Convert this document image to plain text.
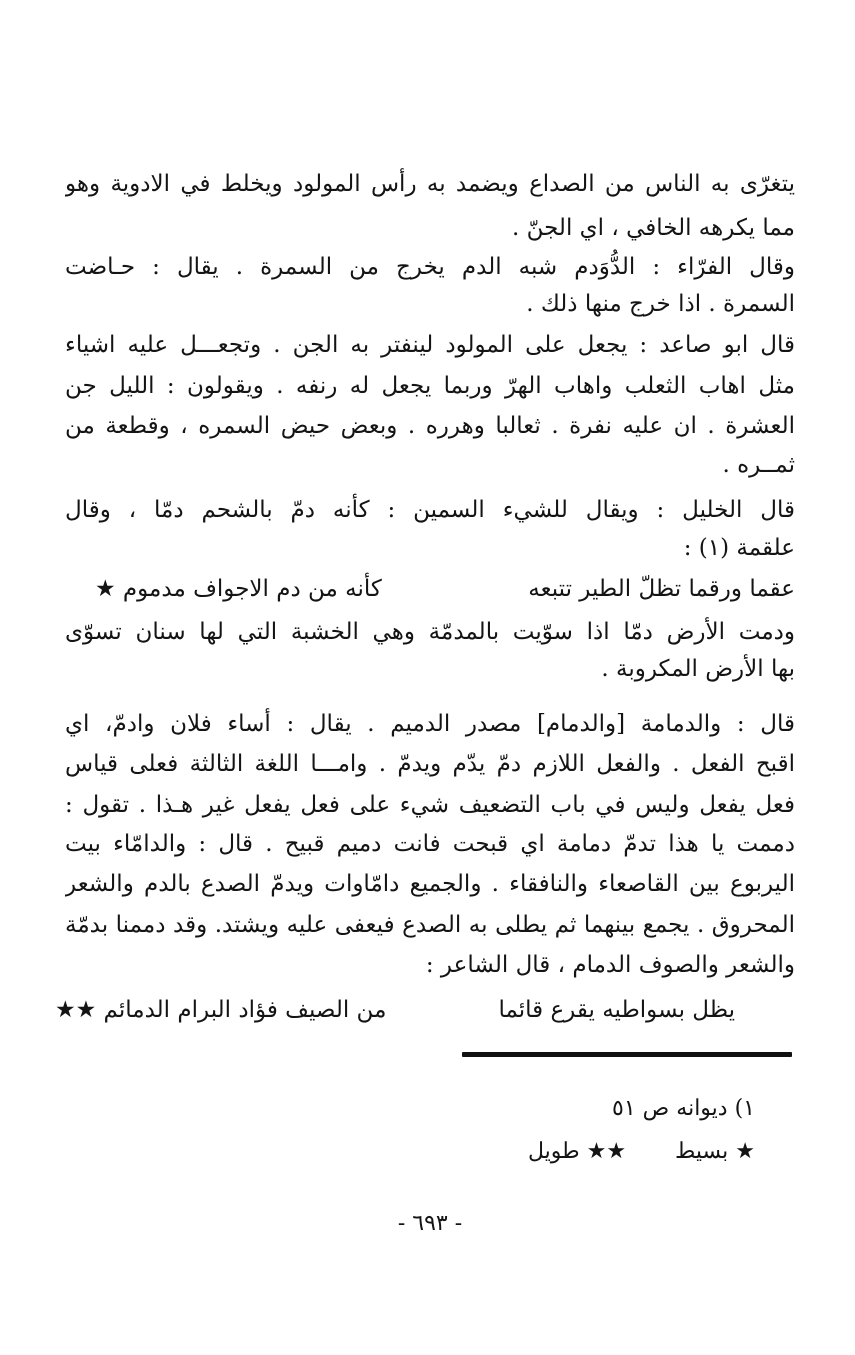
يتغرّى به الناس من الصداع ويضمد به رأس المولود ويخلط في الادوية وهو
مما يكرهه الخافي ، اي الجنّ .
وقال الفرّاء : الدُّوَدم شبه الدم يخرج من السمرة . يقال : حـاضت
السمرة . اذا خرج منها ذلك .
قال ابو صاعد : يجعل على المولود لينفتر به الجن . وتجعـــل عليه اشياء
مثل اهاب الثعلب واهاب الهرّ وربما يجعل له رنفه . ويقولون : الليل جن
العشرة . ان عليه نفرة . ثعالبا وهرره . وبعض حيض السمره ، وقطعة من
ثمــره .
قال الخليل : ويقال للشيء السمين : كأنه دمّ بالشحم دمّا ، وقال
علقمة (١) :
عقما ورقما تظلّ الطير تتبعه
كأنه من دم الاجواف مدموم ★
ودمت الأرض دمّا اذا سوّيت بالمدمّة وهي الخشبة التي لها سنان تسوّى
بها الأرض المكروبة .
قال : والدمامة [والدمام] مصدر الدميم . يقال : أساء فلان وادمّ، اي
اقبح الفعل . والفعل اللازم دمّ يدّم ويدمّ . وامـــا اللغة الثالثة فعلى قياس
فعل يفعل وليس في باب التضعيف شيء على فعل يفعل غير هـذا . تقول :
دممت يا هذا تدمّ دمامة اي قبحت فانت دميم قبيح . قال : والدامّاء بيت
اليربوع بين القاصعاء والنافقاء . والجميع دامّاوات ويدمّ الصدع بالدم والشعر
المحروق . يجمع بينهما ثم يطلى به الصدع فيعفى عليه ويشتد. وقد دممنا بدمّة
والشعر والصوف الدمام ، قال الشاعر :
يظل بسواطيه يقرع قائما
من الصيف فؤاد البرام الدمائم ★★
١) ديوانه ص ٥١
★ بسيط       ★★ طويل
- ٦٩٣ -
